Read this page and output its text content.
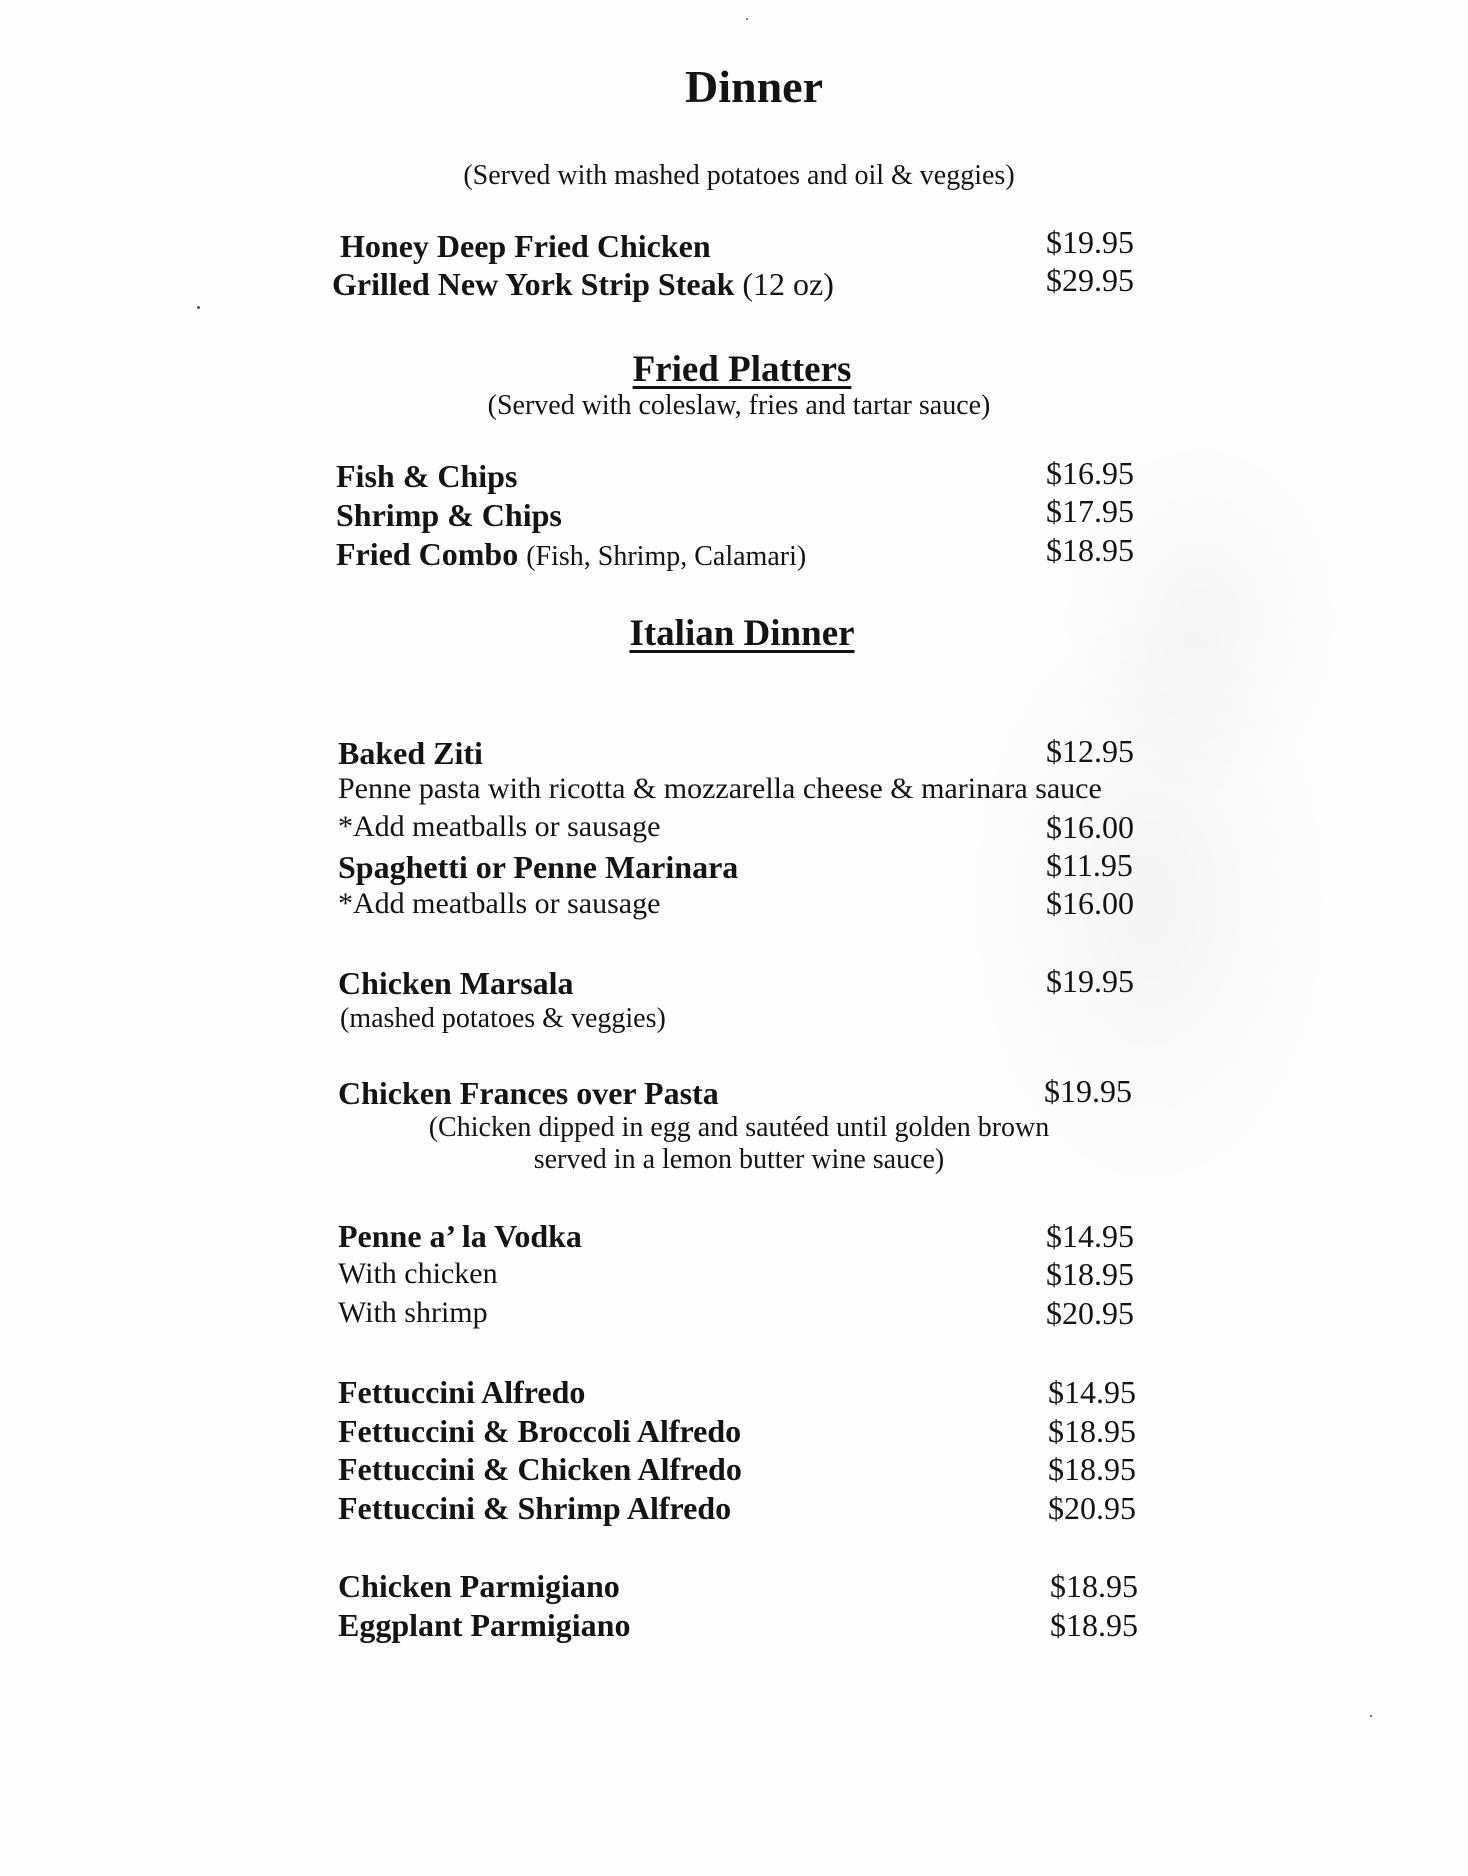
Dinner
(Served with mashed potatoes and oil & veggies)
Honey Deep Fried Chicken	$19.95
Grilled New York Strip Steak (12 oz)	$29.95
Fried Platters
(Served with coleslaw, fries and tartar sauce)
Fish & Chips	$16.95
Shrimp & Chips	$17.95
Fried Combo (Fish, Shrimp, Calamari)	$18.95
Italian Dinner
Baked Ziti	$12.95
Penne pasta with ricotta & mozzarella cheese & marinara sauce
*Add meatballs or sausage	$16.00
Spaghetti or Penne Marinara	$11.95
*Add meatballs or sausage	$16.00
Chicken Marsala	$19.95
(mashed potatoes & veggies)
Chicken Frances over Pasta	$19.95
(Chicken dipped in egg and sautéed until golden brown
served in a lemon butter wine sauce)
Penne a’ la Vodka	$14.95
With chicken	$18.95
With shrimp	$20.95
Fettuccini Alfredo	$14.95
Fettuccini & Broccoli Alfredo	$18.95
Fettuccini & Chicken Alfredo	$18.95
Fettuccini & Shrimp Alfredo	$20.95
Chicken Parmigiano	$18.95
Eggplant Parmigiano	$18.95
